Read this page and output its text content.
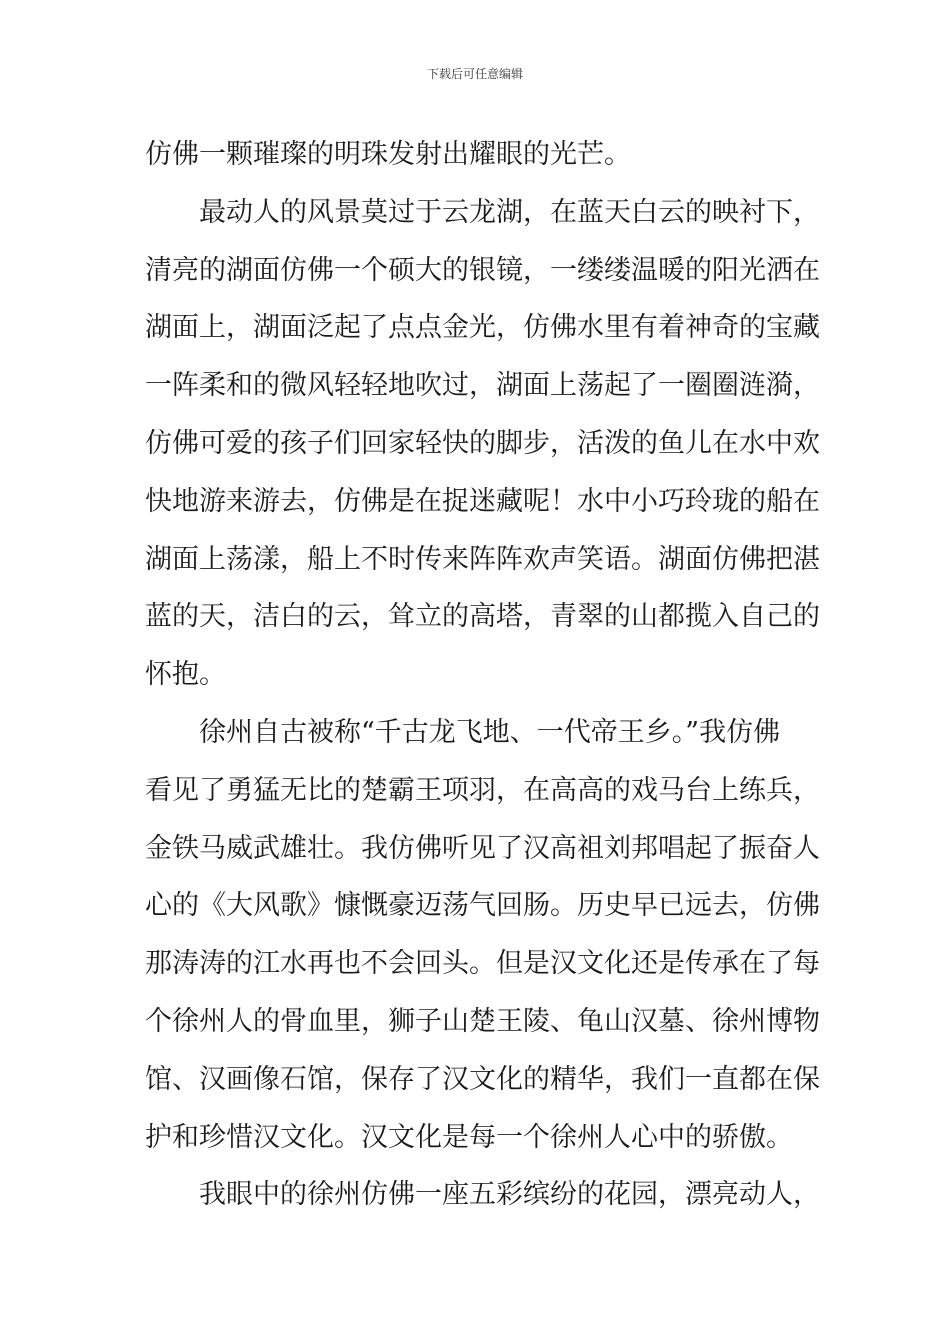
下载后可任意编辑
仿佛一颗璀璨的明珠发射出耀眼的光芒。
最动人的风景莫过于云龙湖，在蓝天白云的映衬下，
清亮的湖面仿佛一个硕大的银镜，一缕缕温暖的阳光洒在
湖面上，湖面泛起了点点金光，仿佛水里有着神奇的宝藏
一阵柔和的微风轻轻地吹过，湖面上荡起了一圈圈涟漪，
仿佛可爱的孩子们回家轻快的脚步，活泼的鱼儿在水中欢
快地游来游去，仿佛是在捉迷藏呢！水中小巧玲珑的船在
湖面上荡漾，船上不时传来阵阵欢声笑语。湖面仿佛把湛
蓝的天，洁白的云，耸立的高塔，青翠的山都揽入自己的
怀抱。
徐州自古被称“千古龙飞地、一代帝王乡。”我仿佛
看见了勇猛无比的楚霸王项羽，在高高的戏马台上练兵，
金铁马威武雄壮。我仿佛听见了汉高祖刘邦唱起了振奋人
心的《大风歌》慷慨豪迈荡气回肠。历史早已远去，仿佛
那涛涛的江水再也不会回头。但是汉文化还是传承在了每
个徐州人的骨血里，狮子山楚王陵、龟山汉墓、徐州博物
馆、汉画像石馆，保存了汉文化的精华，我们一直都在保
护和珍惜汉文化。汉文化是每一个徐州人心中的骄傲。
我眼中的徐州仿佛一座五彩缤纷的花园，漂亮动人，
